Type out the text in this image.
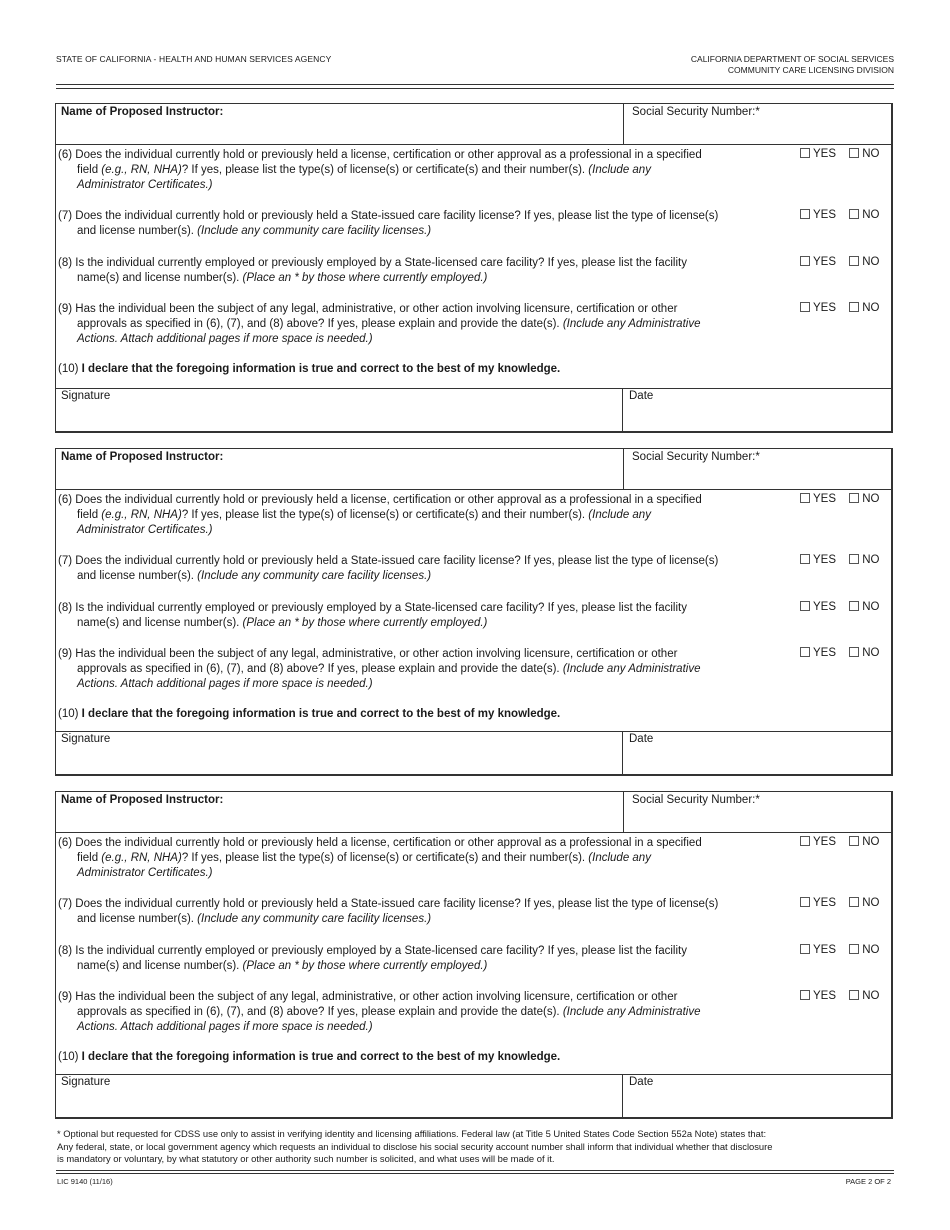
STATE OF CALIFORNIA - HEALTH AND HUMAN SERVICES AGENCY	CALIFORNIA DEPARTMENT OF SOCIAL SERVICES
COMMUNITY CARE LICENSING DIVISION
Name of Proposed Instructor:	Social Security Number:*
(6) Does the individual currently hold or previously held a license, certification or other approval as a professional in a specified
field (e.g., RN, NHA)? If yes, please list the type(s) of license(s) or certificate(s) and their number(s). (Include any
Administrator Certificates.)
YES NO
(7) Does the individual currently hold or previously held a State-issued care facility license? If yes, please list the type of license(s)
and license number(s). (Include any community care facility licenses.)
YES NO
(8) Is the individual currently employed or previously employed by a State-licensed care facility? If yes, please list the facility
name(s) and license number(s). (Place an * by those where currently employed.)
YES NO
(9) Has the individual been the subject of any legal, administrative, or other action involving licensure, certification or other
approvals as specified in (6), (7), and (8) above? If yes, please explain and provide the date(s). (Include any Administrative
Actions. Attach additional pages if more space is needed.)
YES NO
(10) I declare that the foregoing information is true and correct to the best of my knowledge.
Signature	Date
Name of Proposed Instructor:	Social Security Number:*
(6) Does the individual currently hold or previously held a license, certification or other approval as a professional in a specified
field (e.g., RN, NHA)? If yes, please list the type(s) of license(s) or certificate(s) and their number(s). (Include any
Administrator Certificates.)
YES NO
(7) Does the individual currently hold or previously held a State-issued care facility license? If yes, please list the type of license(s)
and license number(s). (Include any community care facility licenses.)
YES NO
(8) Is the individual currently employed or previously employed by a State-licensed care facility? If yes, please list the facility
name(s) and license number(s). (Place an * by those where currently employed.)
YES NO
(9) Has the individual been the subject of any legal, administrative, or other action involving licensure, certification or other
approvals as specified in (6), (7), and (8) above? If yes, please explain and provide the date(s). (Include any Administrative
Actions. Attach additional pages if more space is needed.)
YES NO
(10) I declare that the foregoing information is true and correct to the best of my knowledge.
Signature	Date
Name of Proposed Instructor:	Social Security Number:*
(6) Does the individual currently hold or previously held a license, certification or other approval as a professional in a specified
field (e.g., RN, NHA)? If yes, please list the type(s) of license(s) or certificate(s) and their number(s). (Include any
Administrator Certificates.)
YES NO
(7) Does the individual currently hold or previously held a State-issued care facility license? If yes, please list the type of license(s)
and license number(s). (Include any community care facility licenses.)
YES NO
(8) Is the individual currently employed or previously employed by a State-licensed care facility? If yes, please list the facility
name(s) and license number(s). (Place an * by those where currently employed.)
YES NO
(9) Has the individual been the subject of any legal, administrative, or other action involving licensure, certification or other
approvals as specified in (6), (7), and (8) above? If yes, please explain and provide the date(s). (Include any Administrative
Actions. Attach additional pages if more space is needed.)
YES NO
(10) I declare that the foregoing information is true and correct to the best of my knowledge.
Signature	Date
* Optional but requested for CDSS use only to assist in verifying identity and licensing affiliations. Federal law (at Title 5 United States Code Section 552a Note) states that:
Any federal, state, or local government agency which requests an individual to disclose his social security account number shall inform that individual whether that disclosure
is mandatory or voluntary, by what statutory or other authority such number is solicited, and what uses will be made of it.
LIC 9140 (11/16)	PAGE 2 OF 2
